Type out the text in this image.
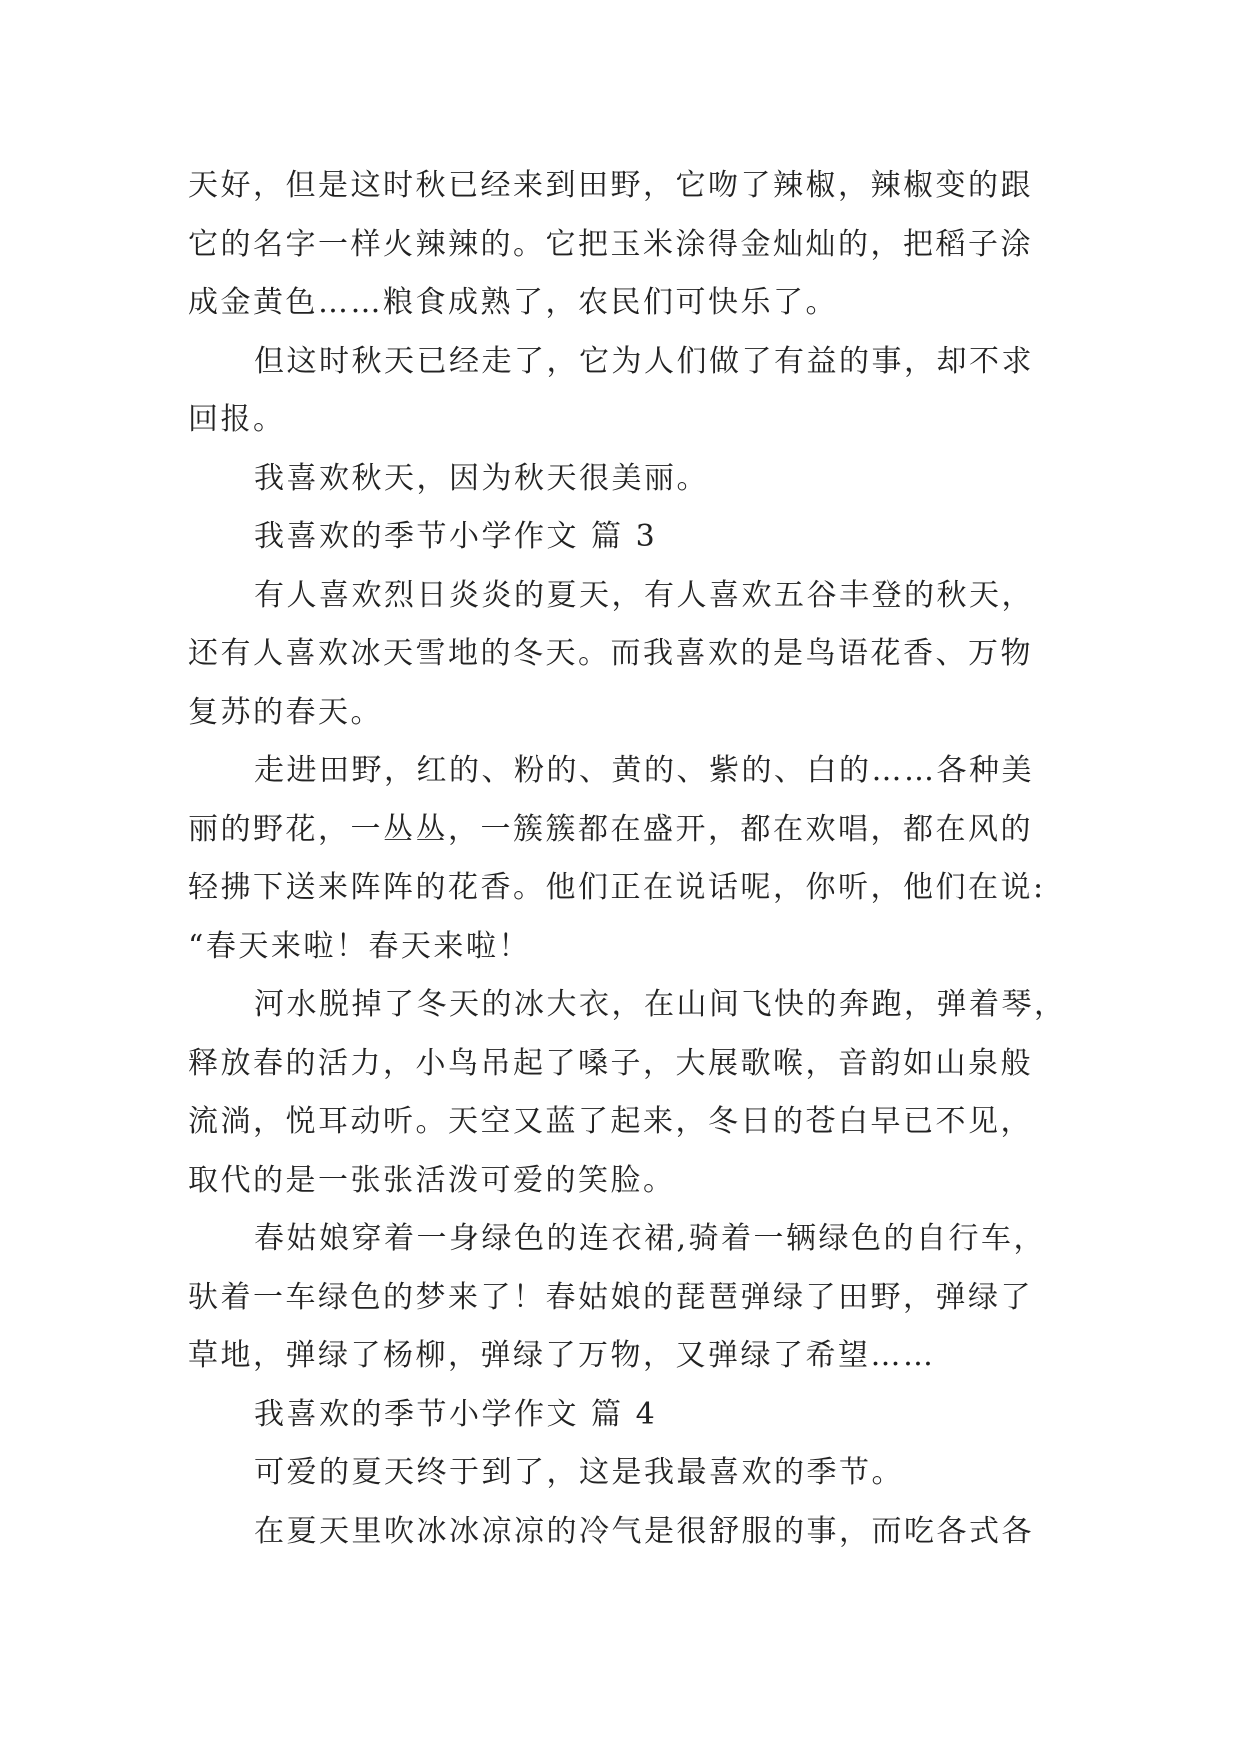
天好，但是这时秋已经来到田野，它吻了辣椒，辣椒变的跟
它的名字一样火辣辣的。它把玉米涂得金灿灿的，把稻子涂
成金黄色……粮食成熟了，农民们可快乐了。
但这时秋天已经走了，它为人们做了有益的事，却不求
回报。
我喜欢秋天，因为秋天很美丽。
我喜欢的季节小学作文 篇 3
有人喜欢烈日炎炎的夏天，有人喜欢五谷丰登的秋天，
还有人喜欢冰天雪地的冬天。而我喜欢的是鸟语花香、万物
复苏的春天。
走进田野，红的、粉的、黄的、紫的、白的……各种美
丽的野花，一丛丛，一簇簇都在盛开，都在欢唱，都在风的
轻拂下送来阵阵的花香。他们正在说话呢，你听，他们在说:
“春天来啦！春天来啦！
河水脱掉了冬天的冰大衣，在山间飞快的奔跑，弹着琴，
释放春的活力，小鸟吊起了嗓子，大展歌喉，音韵如山泉般
流淌，悦耳动听。天空又蓝了起来，冬日的苍白早已不见，
取代的是一张张活泼可爱的笑脸。
春姑娘穿着一身绿色的连衣裙,骑着一辆绿色的自行车，
驮着一车绿色的梦来了！春姑娘的琵琶弹绿了田野，弹绿了
草地，弹绿了杨柳，弹绿了万物，又弹绿了希望……
我喜欢的季节小学作文 篇 4
可爱的夏天终于到了，这是我最喜欢的季节。
在夏天里吹冰冰凉凉的冷气是很舒服的事，而吃各式各
